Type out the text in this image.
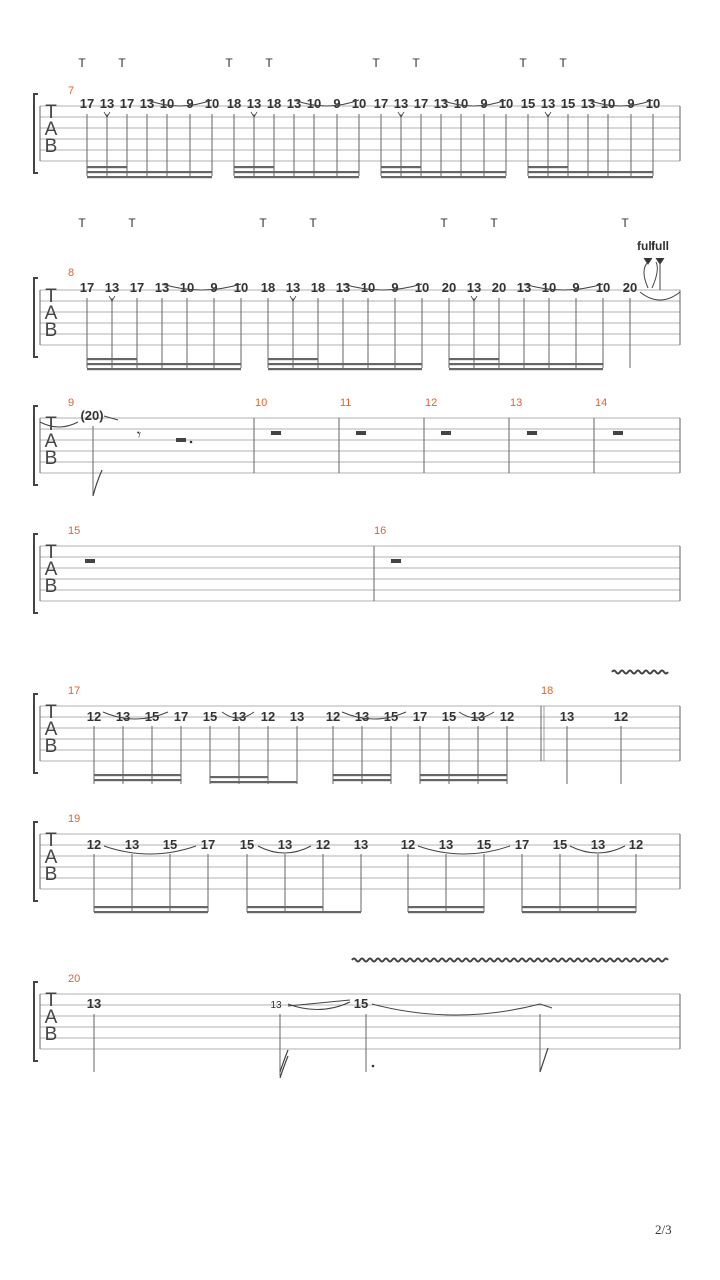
T
A
B
7
T	T	T	T	T	T	T	T
17 13 17 13 10 9 10 18 13 18 13 10 9 10 17 13 17 13 10 9 10 15 13 15 13 10 9 10
T
A
B
8
T	T	T	T	T	T	T
17 13 17 13 10 9 10 18 13 18 13 10 9 10 20 13 20 13 10 9 10 20
full
full
T
A
B
9	10	11	12	13	14
(20)
𝄾
T
A
B
15	16
T
A
B
17	18
12 13 15 17 15 13 12 13 12 13 15 17 15 13 12	13	12
T
A
B
19
12 13 15 17 15 13 12 13	12 13 15 17 15 13 12
T
A
B
20
13	13	15
2/3
